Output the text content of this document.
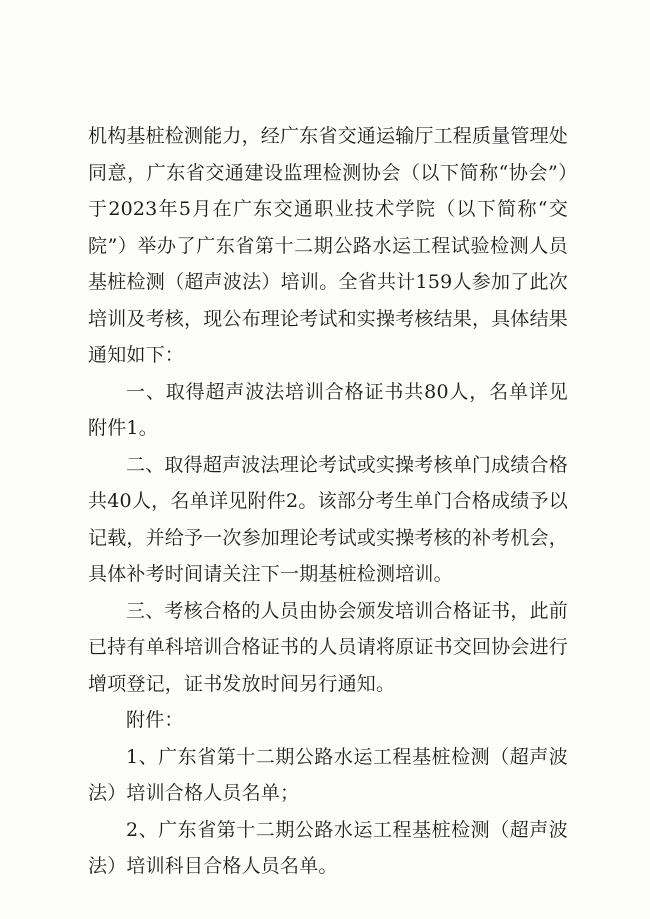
机构基桩检测能力，经广东省交通运输厅工程质量管理处同意，广东省交通建设监理检测协会（以下简称“协会”）于2023年5月在广东交通职业技术学院（以下简称“交院”）举办了广东省第十二期公路水运工程试验检测人员基桩检测（超声波法）培训。全省共计159人参加了此次培训及考核，现公布理论考试和实操考核结果，具体结果通知如下：

一、取得超声波法培训合格证书共80人，名单详见附件1。

二、取得超声波法理论考试或实操考核单门成绩合格共40人，名单详见附件2。该部分考生单门合格成绩予以记载，并给予一次参加理论考试或实操考核的补考机会，具体补考时间请关注下一期基桩检测培训。

三、考核合格的人员由协会颁发培训合格证书，此前已持有单科培训合格证书的人员请将原证书交回协会进行增项登记，证书发放时间另行通知。

附件：

1、广东省第十二期公路水运工程基桩检测（超声波法）培训合格人员名单；

2、广东省第十二期公路水运工程基桩检测（超声波法）培训科目合格人员名单。
